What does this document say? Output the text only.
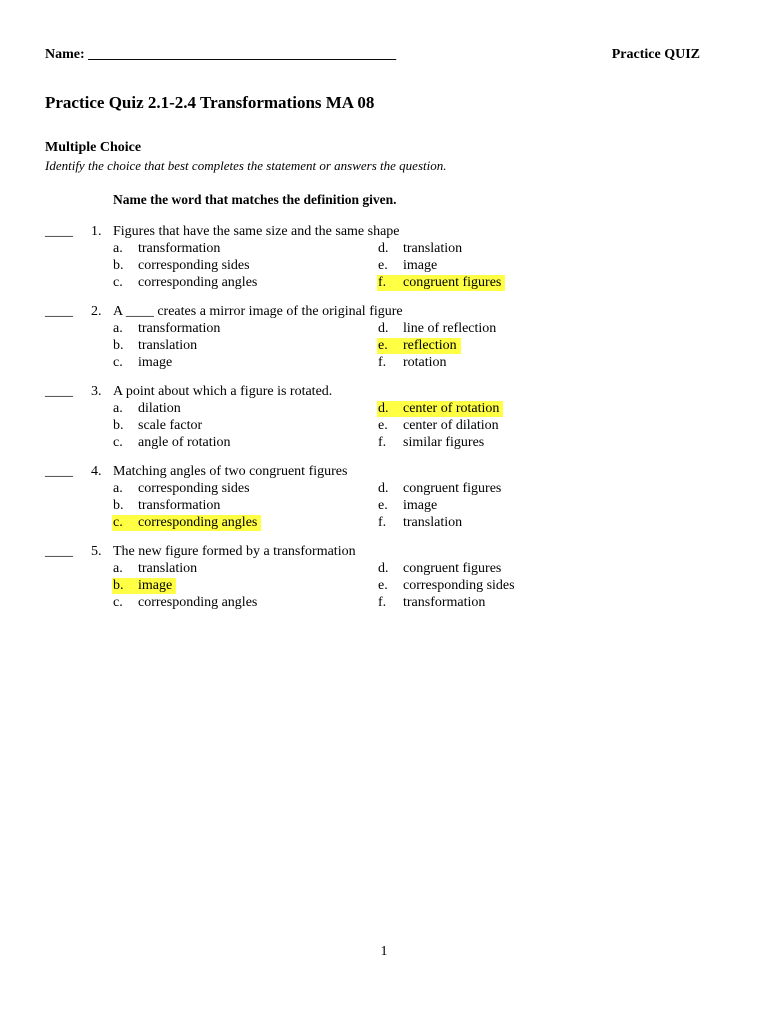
Name: ____________________________________________	Practice QUIZ
Practice Quiz 2.1-2.4 Transformations MA 08
Multiple Choice
Identify the choice that best completes the statement or answers the question.
Name the word that matches the definition given.
____ 1. Figures that have the same size and the same shape
a. transformation
b. corresponding sides
c. corresponding angles
d. translation
e. image
f. congruent figures
____ 2. A ____ creates a mirror image of the original figure
a. transformation
b. translation
c. image
d. line of reflection
e. reflection
f. rotation
____ 3. A point about which a figure is rotated.
a. dilation
b. scale factor
c. angle of rotation
d. center of rotation
e. center of dilation
f. similar figures
____ 4. Matching angles of two congruent figures
a. corresponding sides
b. transformation
c. corresponding angles
d. congruent figures
e. image
f. translation
____ 5. The new figure formed by a transformation
a. translation
b. image
c. corresponding angles
d. congruent figures
e. corresponding sides
f. transformation
1
